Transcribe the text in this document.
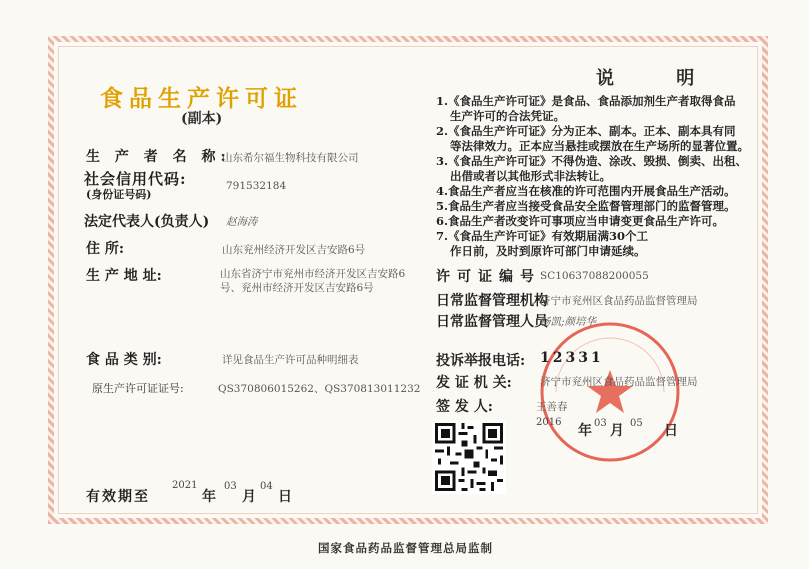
食品生产许可证
(副本)
生 产 者 名 称:
山东希尔福生物科技有限公司
社会信用代码:
(身份证号码)
791532184
法定代表人(负责人) 赵海涛
住 所:	山东兖州经济开发区吉安路6号
生 产 地 址:	山东省济宁市兖州市经济开发区吉安路6
号、兖州市经济开发区吉安路6号
食 品 类 别:	详见食品生产许可品种明细表
原生产许可证证号:	QS370806015262、QS370813011232
有效期至
2021
年
03
月
04
日
说 明
1.《食品生产许可证》是食品、食品添加剂生产者取得食品
生产许可的合法凭证。
2.《食品生产许可证》分为正本、副本。正本、副本具有同
等法律效力。正本应当悬挂或摆放在生产场所的显著位置。
3.《食品生产许可证》不得伪造、涂改、毁损、倒卖、出租、
出借或者以其他形式非法转让。
4.食品生产者应当在核准的许可范围内开展食品生产活动。
5.食品生产者应当接受食品安全监督管理部门的监督管理。
6.食品生产者改变许可事项应当申请变更食品生产许可。
7.《食品生产许可证》有效期届满30个工
作日前，及时到原许可部门申请延续。
许可证编号 SC10637088200055
日常监督管理机构
济宁市兖州区食品药品监督管理局
日常监督管理人员
杨凯;颜培华
投诉举报电话: 12331
发 证 机 关:	济宁市兖州区食品药品监督管理局
签 发 人:	王善春
2016
年 03 月 05 日
国家食品药品监督管理总局监制
